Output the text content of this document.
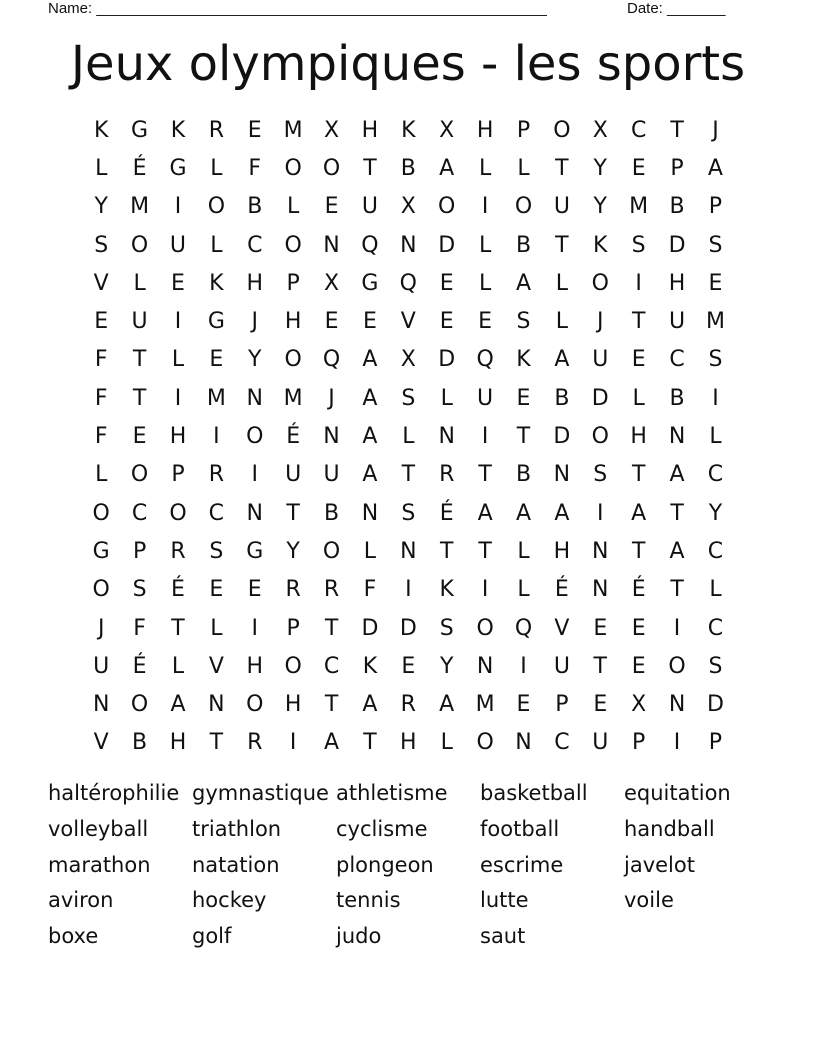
Name: ______________________________________________________	Date: _______
Jeux olympiques - les sports
K	G	K	R	E M X	H	K	X	H	P	O	X	C	T	J
L	É	G	L	F	O O	T	B	A	L	L	T	Y	E	P	A
Y	M	I	O	B	L	E	U	X	O	I	O U	Y	M B	P
S	O U	L	C	O N Q N D	L	B	T	K	S	D	S
V	L	E	K	H	P	X	G Q	E	L	A	L	O	I	H	E
E	U	I	G	J	H	E	E	V	E	E	S	L	J	T	U M
F	T	L	E	Y	O Q	A	X	D Q	K	A	U	E	C	S
F	T	I	M N M	J	A	S	L	U	E	B	D	L	B	I
F	E	H	I	O	É	N	A	L	N	I	T	D O H N	L
L	O	P	R	I	U	U	A	T	R	T	B	N	S	T	A	C
O	C	O	C	N	T	B	N	S	É	A	A	A	I	A	T	Y
G	P	R	S	G	Y	O	L	N	T	T	L	H N	T	A	C
O	S	É	E	E	R	R	F	I	K	I	L	É	N	É	T	L
J	F	T	L	I	P	T	D D	S	O Q	V	E	E	I	C
U	É	L	V	H O	C	K	E	Y	N	I	U	T	E	O	S
N O	A	N O H	T	A	R	A M E	P	E	X	N D
V	B	H	T	R	I	A	T	H	L	O N	C	U	P	I	P
haltérophilie gymnastique athletisme	basketball	equitation
volleyball	triathlon	cyclisme	football	handball
marathon	natation	plongeon	escrime	javelot
aviron	hockey	tennis	lutte	voile
boxe	golf	judo	saut
